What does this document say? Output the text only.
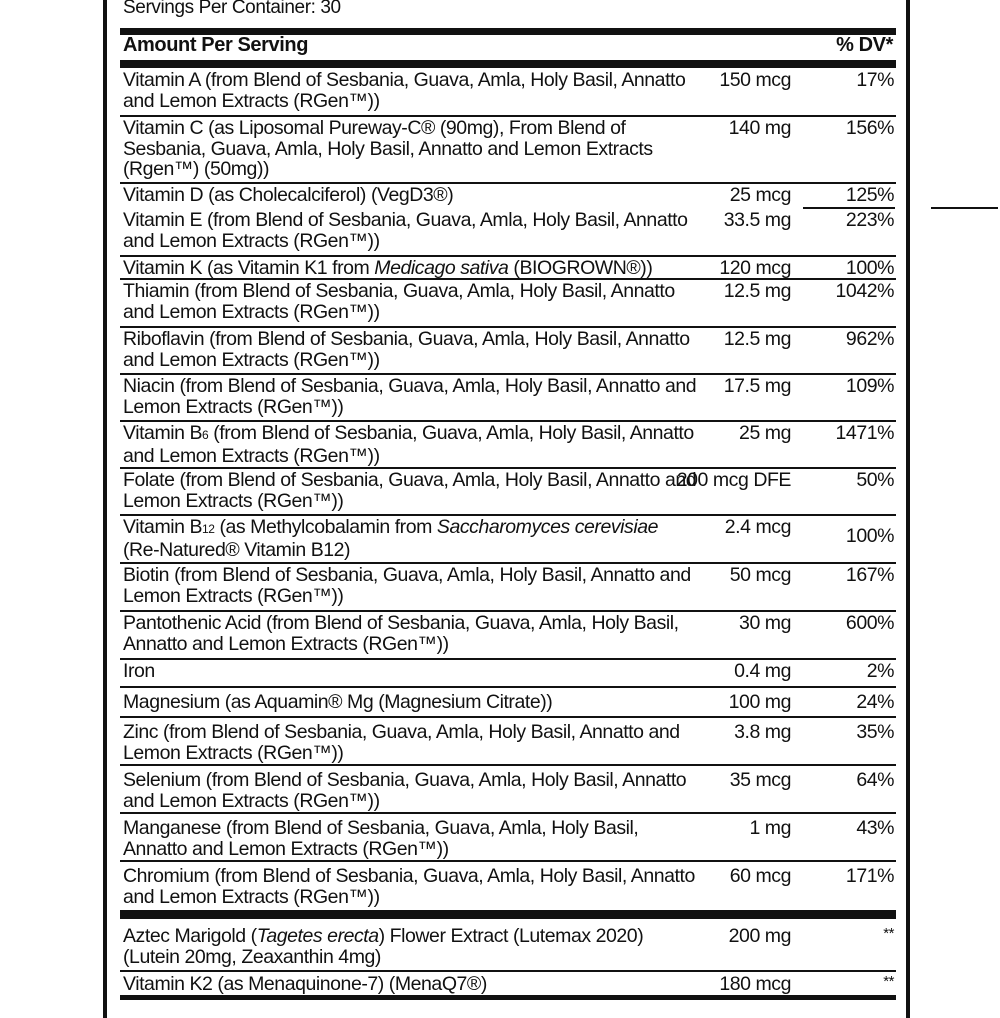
Servings Per Container: 30
Amount Per Serving	% DV*
Vitamin A (from Blend of Sesbania, Guava, Amla, Holy Basil, Annatto and Lemon Extracts (RGen™))
150 mcg	17%
Vitamin C (as Liposomal Pureway-C® (90mg), From Blend of Sesbania, Guava, Amla, Holy Basil, Annatto and Lemon Extracts (Rgen™) (50mg))
140 mg	156%
Vitamin D (as Cholecalciferol) (VegD3®)	25 mcg	125%
Vitamin E (from Blend of Sesbania, Guava, Amla, Holy Basil, Annatto and Lemon Extracts (RGen™))
33.5 mg	223%
Vitamin K (as Vitamin K1 from Medicago sativa (BIOGROWN®))	120 mcg	100%
Thiamin (from Blend of Sesbania, Guava, Amla, Holy Basil, Annatto and Lemon Extracts (RGen™))
12.5 mg 1042%
Riboflavin (from Blend of Sesbania, Guava, Amla, Holy Basil, Annatto and Lemon Extracts (RGen™))
12.5 mg	962%
Niacin (from Blend of Sesbania, Guava, Amla, Holy Basil, Annatto and Lemon Extracts (RGen™))
17.5 mg	109%
Vitamin B6 (from Blend of Sesbania, Guava, Amla, Holy Basil, Annatto and Lemon Extracts (RGen™))
25 mg 1471%
Folate (from Blend of Sesbania, Guava, Amla, Holy Basil, Annatto and Lemon Extracts (RGen™))
200 mcg DFE	50%
Vitamin B12 (as Methylcobalamin from Saccharomyces cerevisiae (Re-Natured® Vitamin B12)
2.4 mcg	100%
Biotin (from Blend of Sesbania, Guava, Amla, Holy Basil, Annatto and Lemon Extracts (RGen™))
50 mcg	167%
Pantothenic Acid (from Blend of Sesbania, Guava, Amla, Holy Basil, Annatto and Lemon Extracts (RGen™))
30 mg	600%
Iron	0.4 mg	2%
Magnesium (as Aquamin® Mg (Magnesium Citrate))	100 mg	24%
Zinc (from Blend of Sesbania, Guava, Amla, Holy Basil, Annatto and Lemon Extracts (RGen™))
3.8 mg	35%
Selenium (from Blend of Sesbania, Guava, Amla, Holy Basil, Annatto and Lemon Extracts (RGen™))
35 mcg	64%
Manganese (from Blend of Sesbania, Guava, Amla, Holy Basil, Annatto and Lemon Extracts (RGen™))
1 mg	43%
Chromium (from Blend of Sesbania, Guava, Amla, Holy Basil, Annatto and Lemon Extracts (RGen™))
60 mcg	171%
Aztec Marigold (Tagetes erecta) Flower Extract (Lutemax 2020) (Lutein 20mg, Zeaxanthin 4mg)
200 mg	**
Vitamin K2 (as Menaquinone-7) (MenaQ7®)	180 mcg	**
